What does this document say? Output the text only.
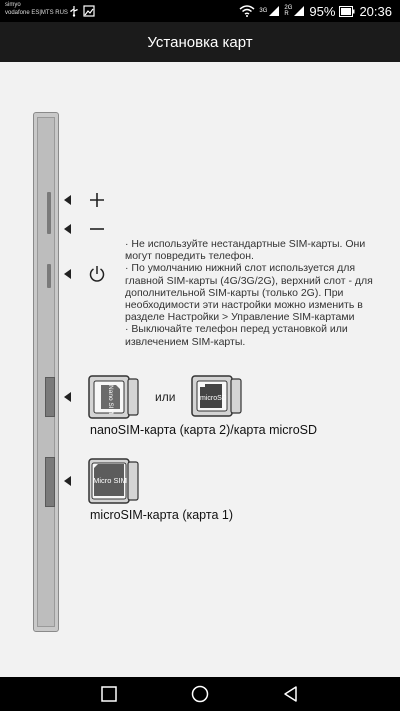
simyo
vodafone ES|MTS RUS	3G	2G
R 95% 20:36
Установка карт

· Не используйте нестандартные SIM-карты. Они могут повредить телефон.

· По умолчанию нижний слот используется для главной SIM-карты (4G/3G/2G), верхний слот - для дополнительной SIM-карты (только 2G). При необходимости эти настройки можно изменить в разделе Настройки > Управление SIM-картами

· Выключайте телефон перед установкой или извлечением SIM-карты.

Nano SIM	или	microSD
nanoSIM-карта (карта 2)/карта microSD
Micro SIM
microSIM-карта (карта 1)
